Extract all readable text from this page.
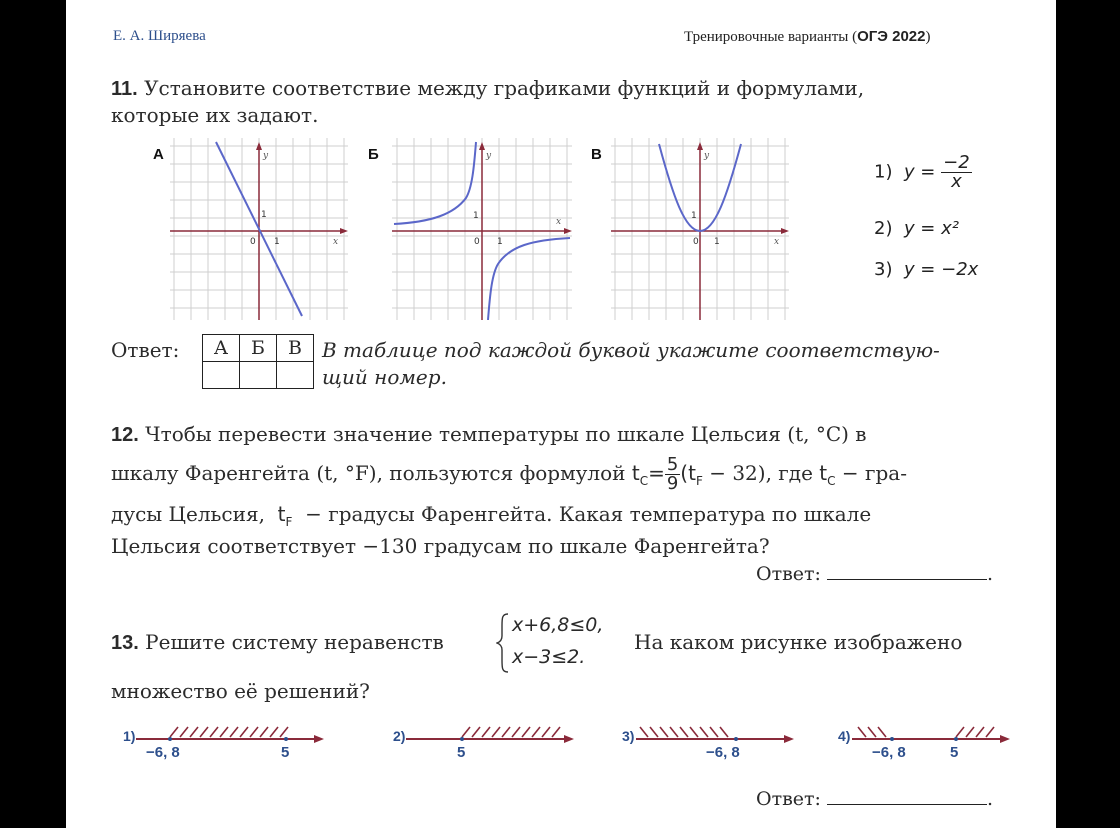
Е. А. Ширяева	Тренировочные варианты (ОГЭ 2022)
11. Установите соответствие между графиками функций и формулами,
которые их задают.
А	y
x
1
0 1
Б	y
x
1
0 1
В	y
x
1
0 1
1) $y = \frac{-2}{x}$
2) y = x²
3) y = −2x
Ответ: А	Б	В
		В таблице под каждой буквой укажите соответствую-
щий номер.
12. Чтобы перевести значение температуры по шкале Цельсия (t, °C) в
шкалу Фаренгейта (t, °F), пользуются формулой $t_C= \frac{5}{9} (t_F - 32)$, где $t_C - гра-$
дусы Цельсия, $t_F$ − градусы Фаренгейта. Какая температура по шкале
Цельсия соответствует −130 градусам по шкале Фаренгейта?
Ответ:	.
13. Решите систему неравенств
x+6,8≤0,
x−3≤2.
На каком рисунке изображено
множество её решений?
1)
−6, 8	5
2)
5
3)
−6, 8
4)
−6, 8	5
Ответ:	.
